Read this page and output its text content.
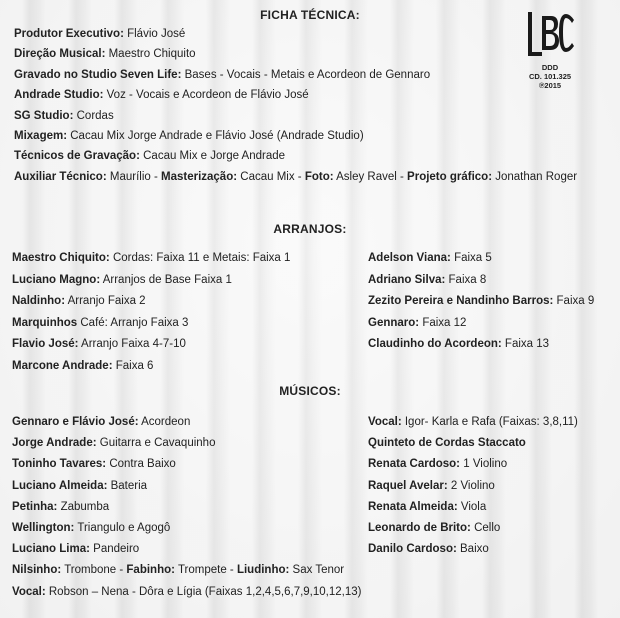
DDD
CD. 101.325
℗2015
FICHA TÉCNICA:
Produtor Executivo: Flávio José
Direção Musical: Maestro Chiquito
Gravado no Studio Seven Life: Bases - Vocais - Metais e Acordeon de Gennaro
Andrade Studio: Voz - Vocais e Acordeon de Flávio José
SG Studio: Cordas
Mixagem: Cacau Mix Jorge Andrade e Flávio José (Andrade Studio)
Técnicos de Gravação: Cacau Mix e Jorge Andrade
Auxiliar Técnico: Maurílio - Masterização: Cacau Mix - Foto: Asley Ravel - Projeto gráfico: Jonathan Roger
ARRANJOS:
Maestro Chiquito: Cordas: Faixa 11 e Metais: Faixa 1
Luciano Magno: Arranjos de Base Faixa 1
Naldinho: Arranjo Faixa 2
Marquinhos Café: Arranjo Faixa 3
Flavio José: Arranjo Faixa 4-7-10
Marcone Andrade: Faixa 6
Adelson Viana: Faixa 5
Adriano Silva: Faixa 8
Zezito Pereira e Nandinho Barros: Faixa 9
Gennaro: Faixa 12
Claudinho do Acordeon: Faixa 13
MÚSICOS:
Gennaro e Flávio José: Acordeon
Jorge Andrade: Guitarra e Cavaquinho
Toninho Tavares: Contra Baixo
Luciano Almeida: Bateria
Petinha: Zabumba
Wellington: Triangulo e Agogô
Luciano Lima: Pandeiro
Nilsinho: Trombone - Fabinho: Trompete - Liudinho: Sax Tenor
Vocal: Robson – Nena - Dôra e Lígia (Faixas 1,2,4,5,6,7,9,10,12,13)
Vocal: Igor- Karla e Rafa (Faixas: 3,8,11)
Quinteto de Cordas Staccato
Renata Cardoso: 1 Violino
Raquel Avelar: 2 Violino
Renata Almeida: Viola
Leonardo de Brito: Cello
Danilo Cardoso: Baixo
